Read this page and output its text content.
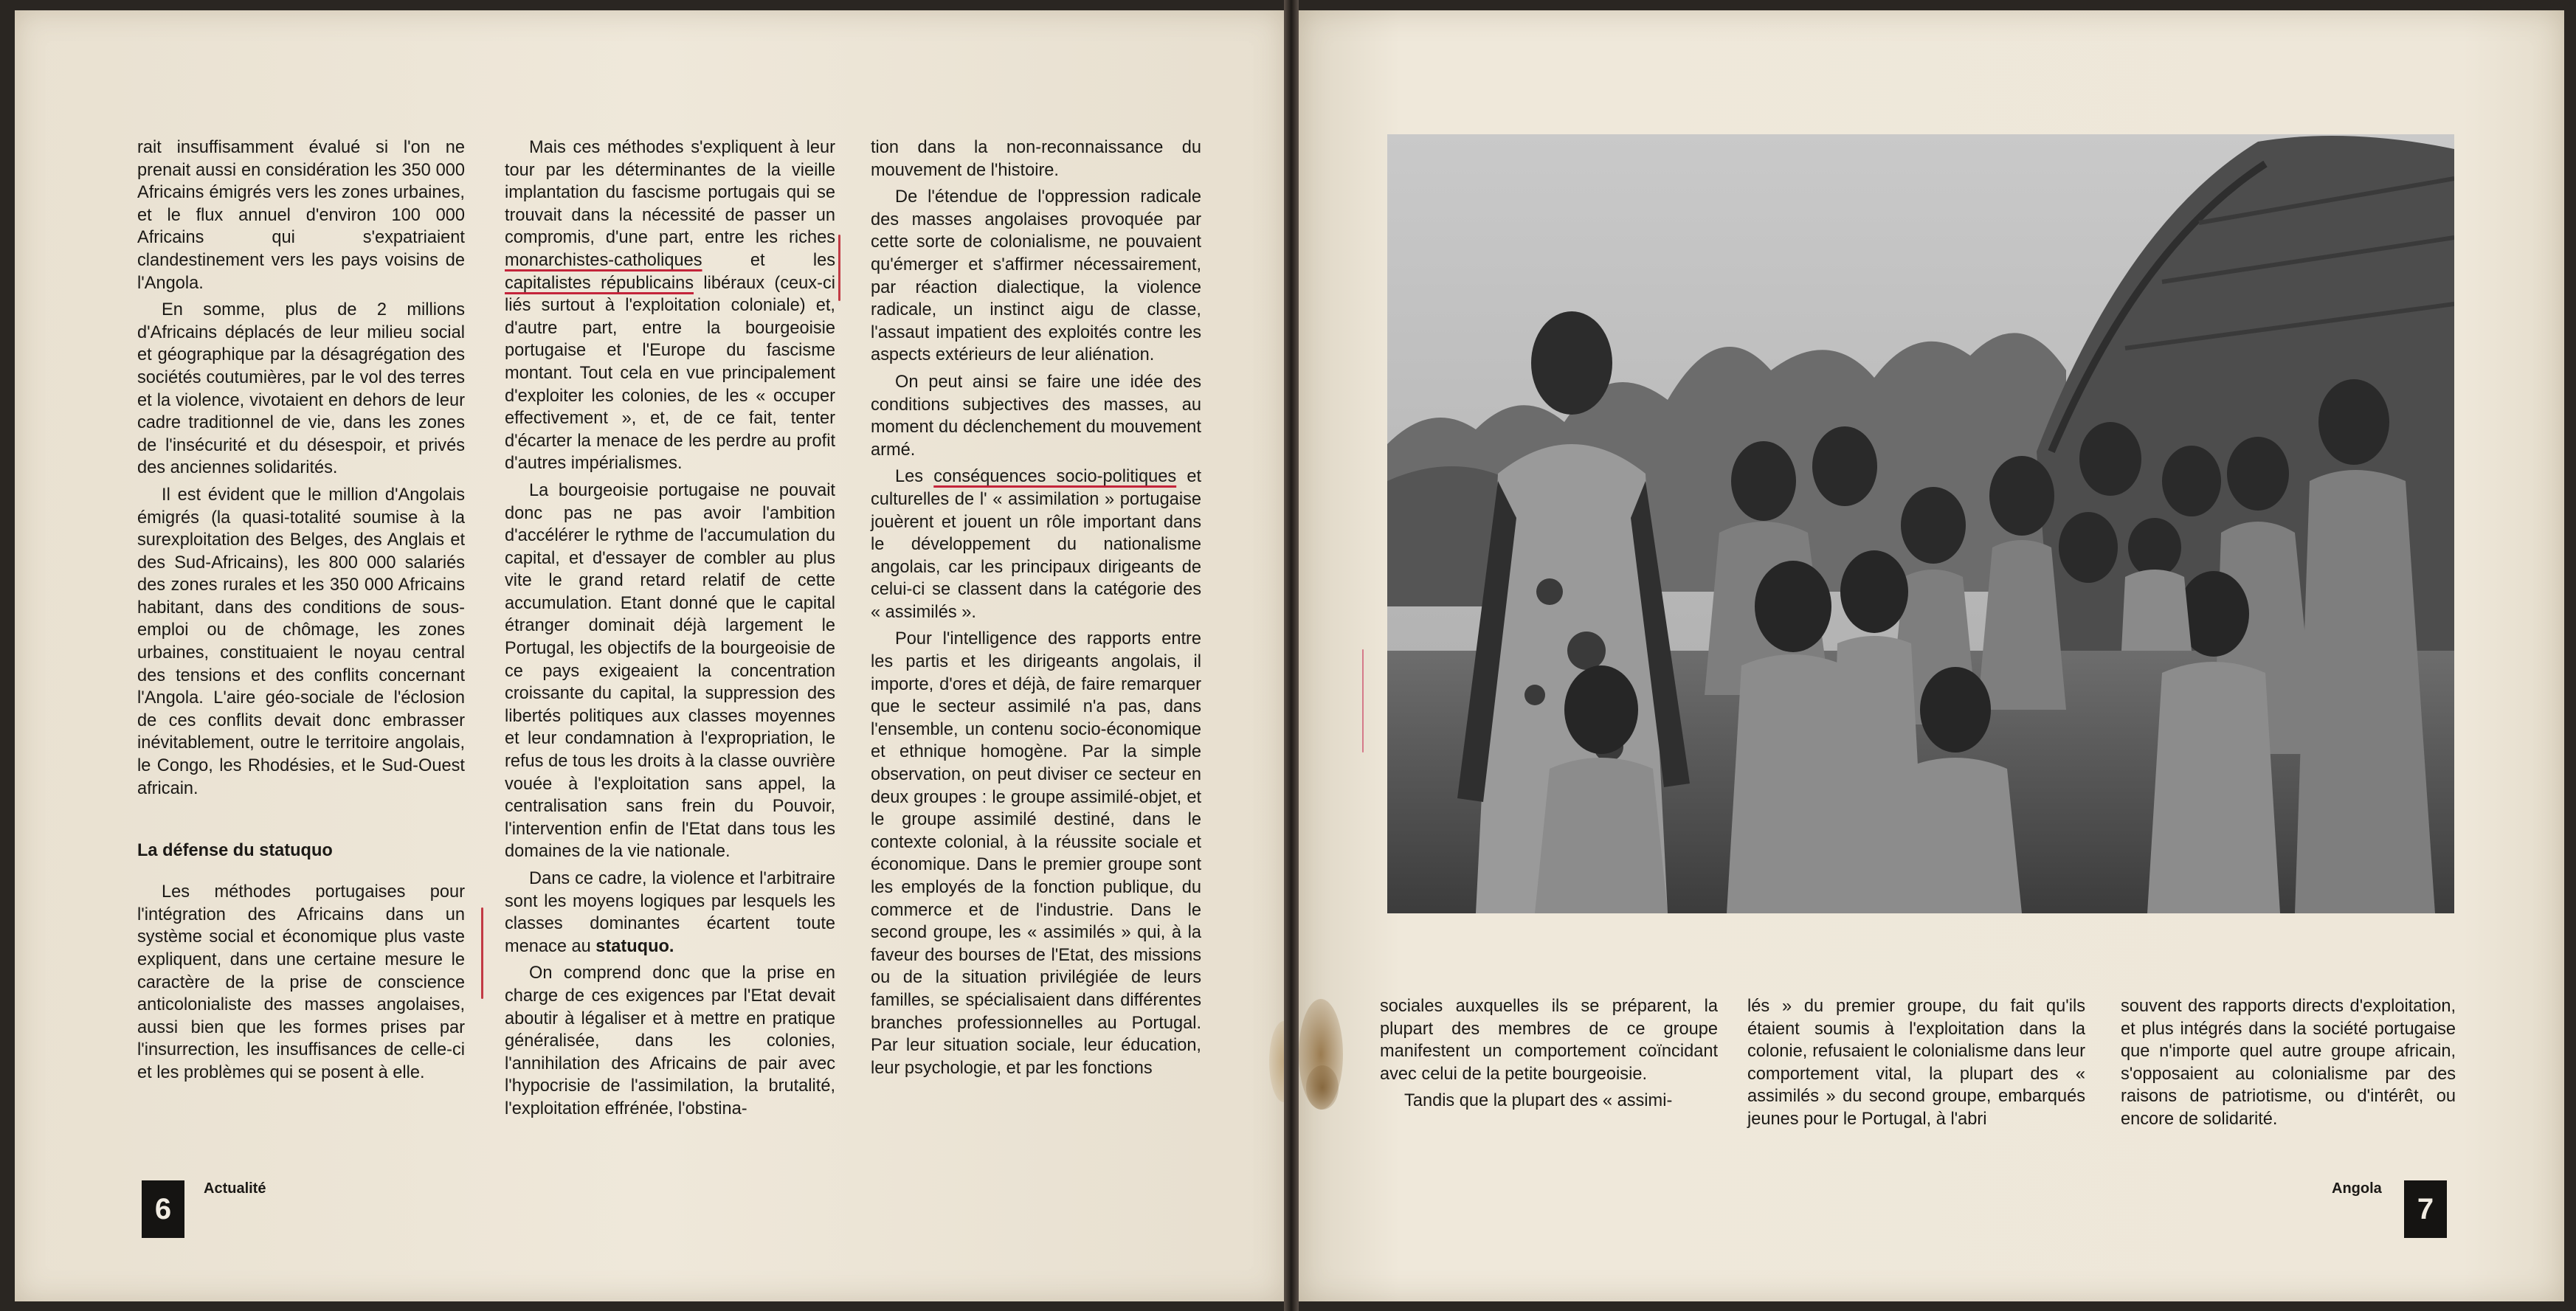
rait insuffisamment évalué si l'on ne prenait aussi en considération les 350 000 Africains émigrés vers les zones urbaines, et le flux annuel d'environ 100 000 Africains qui s'expatriaient clandestinement vers les pays voisins de l'Angola.

En somme, plus de 2 millions d'Africains déplacés de leur milieu social et géographique par la désagrégation des sociétés coutumières, par le vol des terres et la violence, vivotaient en dehors de leur cadre traditionnel de vie, dans les zones de l'insécurité et du désespoir, et privés des anciennes solidarités.

Il est évident que le million d'Angolais émigrés (la quasi-totalité soumise à la surexploitation des Belges, des Anglais et des Sud-Africains), les 800 000 salariés des zones rurales et les 350 000 Africains habitant, dans des conditions de sous-emploi ou de chômage, les zones urbaines, constituaient le noyau central des tensions et des conflits concernant l'Angola. L'aire géo-sociale de l'éclosion de ces conflits devait donc embrasser inévitablement, outre le territoire angolais, le Congo, les Rhodésies, et le Sud-Ouest africain.

La défense du statuquo

Les méthodes portugaises pour l'intégration des Africains dans un système social et économique plus vaste expliquent, dans une certaine mesure le caractère de la prise de conscience anticolonialiste des masses angolaises, aussi bien que les formes prises par l'insurrection, les insuffisances de celle-ci et les problèmes qui se posent à elle.

Mais ces méthodes s'expliquent à leur tour par les déterminantes de la vieille implantation du fascisme portugais qui se trouvait dans la nécessité de passer un compromis, d'une part, entre les riches monarchistes-catholiques et les capitalistes républicains libéraux (ceux-ci liés surtout à l'exploitation coloniale) et, d'autre part, entre la bourgeoisie portugaise et l'Europe du fascisme montant. Tout cela en vue principalement d'exploiter les colonies, de les « occuper effectivement », et, de ce fait, tenter d'écarter la menace de les perdre au profit d'autres impérialismes.

La bourgeoisie portugaise ne pouvait donc pas ne pas avoir l'ambition d'accélérer le rythme de l'accumulation du capital, et d'essayer de combler au plus vite le grand retard relatif de cette accumulation. Etant donné que le capital étranger dominait déjà largement le Portugal, les objectifs de la bourgeoisie de ce pays exigeaient la concentration croissante du capital, la suppression des libertés politiques aux classes moyennes et leur condamnation à l'expropriation, le refus de tous les droits à la classe ouvrière vouée à l'exploitation sans appel, la centralisation sans frein du Pouvoir, l'intervention enfin de l'Etat dans tous les domaines de la vie nationale.

Dans ce cadre, la violence et l'arbitraire sont les moyens logiques par lesquels les classes dominantes écartent toute menace au statuquo.

On comprend donc que la prise en charge de ces exigences par l'Etat devait aboutir à légaliser et à mettre en pratique généralisée, dans les colonies, l'annihilation des Africains de pair avec l'hypocrisie de l'assimilation, la brutalité, l'exploitation effrénée, l'obstina-

tion dans la non-reconnaissance du mouvement de l'histoire.

De l'étendue de l'oppression radicale des masses angolaises provoquée par cette sorte de colonialisme, ne pouvaient qu'émerger et s'affirmer nécessairement, par réaction dialectique, la violence radicale, un instinct aigu de classe, l'assaut impatient des exploités contre les aspects extérieurs de leur aliénation.

On peut ainsi se faire une idée des conditions subjectives des masses, au moment du déclenchement du mouvement armé.

Les conséquences socio-politiques et culturelles de l' « assimilation » portugaise jouèrent et jouent un rôle important dans le développement du nationalisme angolais, car les principaux dirigeants de celui-ci se classent dans la catégorie des « assimilés ».

Pour l'intelligence des rapports entre les partis et les dirigeants angolais, il importe, d'ores et déjà, de faire remarquer que le secteur assimilé n'a pas, dans l'ensemble, un contenu socio-économique et ethnique homogène. Par la simple observation, on peut diviser ce secteur en deux groupes : le groupe assimilé-objet, et le groupe assimilé destiné, dans le contexte colonial, à la réussite sociale et économique. Dans le premier groupe sont les employés de la fonction publique, du commerce et de l'industrie. Dans le second groupe, les « assimilés » qui, à la faveur des bourses de l'Etat, des missions ou de la situation privilégiée de leurs familles, se spécialisaient dans différentes branches professionnelles au Portugal. Par leur situation sociale, leur éducation, leur psychologie, et par les fonctions

6
Actualité

sociales auxquelles ils se préparent, la plupart des membres de ce groupe manifestent un comportement coïncidant avec celui de la petite bourgeoisie.

Tandis que la plupart des « assimi-

lés » du premier groupe, du fait qu'ils étaient soumis à l'exploitation dans la colonie, refusaient le colonialisme dans leur comportement vital, la plupart des « assimilés » du second groupe, embarqués jeunes pour le Portugal, à l'abri

souvent des rapports directs d'exploitation, et plus intégrés dans la société portugaise que n'importe quel autre groupe africain, s'opposaient au colonialisme par des raisons de patriotisme, ou d'intérêt, ou encore de solidarité.

Angola
7
